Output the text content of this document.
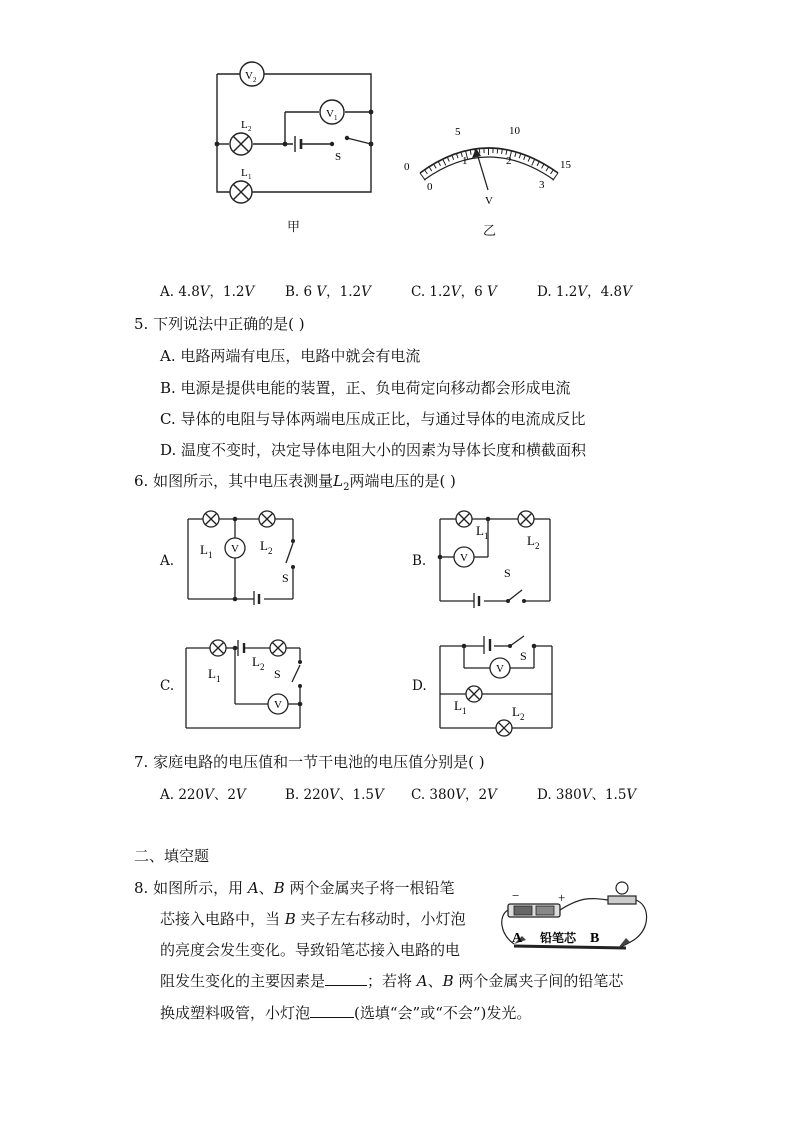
V 2
V 1
L 2
L 1
S
甲
0
5	10
15
0
1	2
3
V
乙
A. 4.8𝑉，1.2𝑉 B. 6 𝑉，1.2𝑉	C. 1.2𝑉，6 𝑉	D. 1.2𝑉，4.8𝑉
5. 下列说法中正确的是( )
A. 电路两端有电压，电路中就会有电流
B. 电源是提供电能的装置，正、负电荷定向移动都会形成电流
C. 导体的电阻与导体两端电压成正比，与通过导体的电流成反比
D. 温度不变时，决定导体电阻大小的因素为导体长度和横截面积
6. 如图所示，其中电压表测量$L_2$两端电压的是( )
A.
V
L 1
L 2
S
B.	V
L 1	L 2
S
C.
V
L 1
L 2 S
D.
V
L 1	L 2
S
7. 家庭电路的电压值和一节干电池的电压值分别是( )
A. 220𝑉、2𝑉	B. 220𝑉、1.5𝑉 C. 380𝑉，2𝑉	D. 380𝑉、1.5𝑉
二、填空题
8. 如图所示，用 𝐴、𝐵 两个金属夹子将一根铅笔
芯接入电路中，当 𝐵 夹子左右移动时，小灯泡
的亮度会发生变化。导致铅笔芯接入电路的电
阻发生变化的主要因素是	；若将 𝐴、𝐵 两个金属夹子间的铅笔芯
换成塑料吸管，小灯泡	(选填“会”或“不会”)发光。
−	+
A 铅笔芯 B
